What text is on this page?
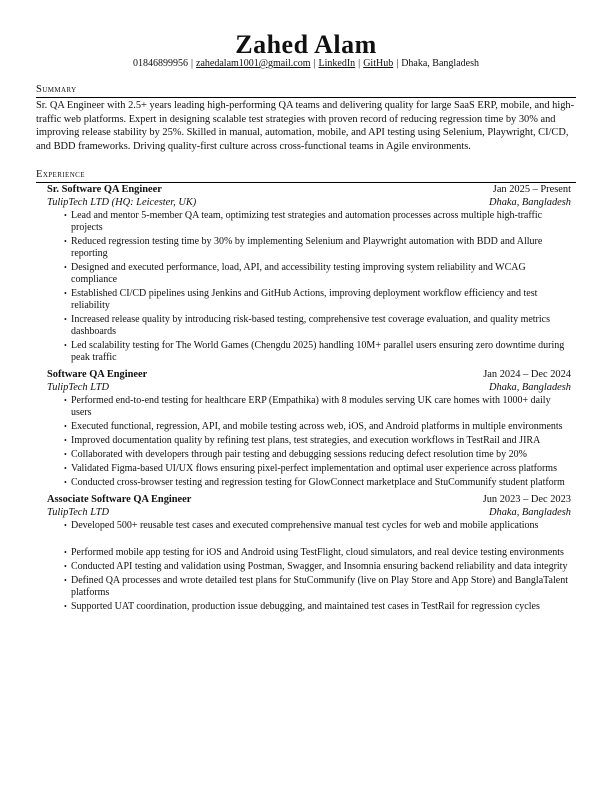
Zahed Alam
01846899956 | zahedalam1001@gmail.com | LinkedIn | GitHub | Dhaka, Bangladesh
Summary
Sr. QA Engineer with 2.5+ years leading high-performing QA teams and delivering quality for large SaaS ERP, mobile, and high-traffic web platforms. Expert in designing scalable test strategies with proven record of reducing regression time by 30% and improving release stability by 25%. Skilled in manual, automation, mobile, and API testing using Selenium, Playwright, CI/CD, and BDD frameworks. Driving quality-first culture across cross-functional teams in Agile environments.
Experience
Sr. Software QA Engineer	Jan 2025 – Present
TulipTech LTD (HQ: Leicester, UK)	Dhaka, Bangladesh
• Lead and mentor 5-member QA team, optimizing test strategies and automation processes across multiple high-traffic projects
• Reduced regression testing time by 30% by implementing Selenium and Playwright automation with BDD and Allure reporting
• Designed and executed performance, load, API, and accessibility testing improving system reliability and WCAG compliance
• Established CI/CD pipelines using Jenkins and GitHub Actions, improving deployment workflow efficiency and test reliability
• Increased release quality by introducing risk-based testing, comprehensive test coverage evaluation, and quality metrics dashboards
• Led scalability testing for The World Games (Chengdu 2025) handling 10M+ parallel users ensuring zero downtime during peak traffic
Software QA Engineer	Jan 2024 – Dec 2024
TulipTech LTD	Dhaka, Bangladesh
• Performed end-to-end testing for healthcare ERP (Empathika) with 8 modules serving UK care homes with 1000+ daily users
• Executed functional, regression, API, and mobile testing across web, iOS, and Android platforms in multiple environments
• Improved documentation quality by refining test plans, test strategies, and execution workflows in TestRail and JIRA
• Collaborated with developers through pair testing and debugging sessions reducing defect resolution time by 20%
• Validated Figma-based UI/UX flows ensuring pixel-perfect implementation and optimal user experience across platforms
• Conducted cross-browser testing and regression testing for GlowConnect marketplace and StuCommunify student platform
Associate Software QA Engineer	Jun 2023 – Dec 2023
TulipTech LTD	Dhaka, Bangladesh
• Developed 500+ reusable test cases and executed comprehensive manual test cycles for web and mobile applications
• Performed mobile app testing for iOS and Android using TestFlight, cloud simulators, and real device testing environments
• Conducted API testing and validation using Postman, Swagger, and Insomnia ensuring backend reliability and data integrity
• Defined QA processes and wrote detailed test plans for StuCommunify (live on Play Store and App Store) and BanglaTalent platforms
• Supported UAT coordination, production issue debugging, and maintained test cases in TestRail for regression cycles
